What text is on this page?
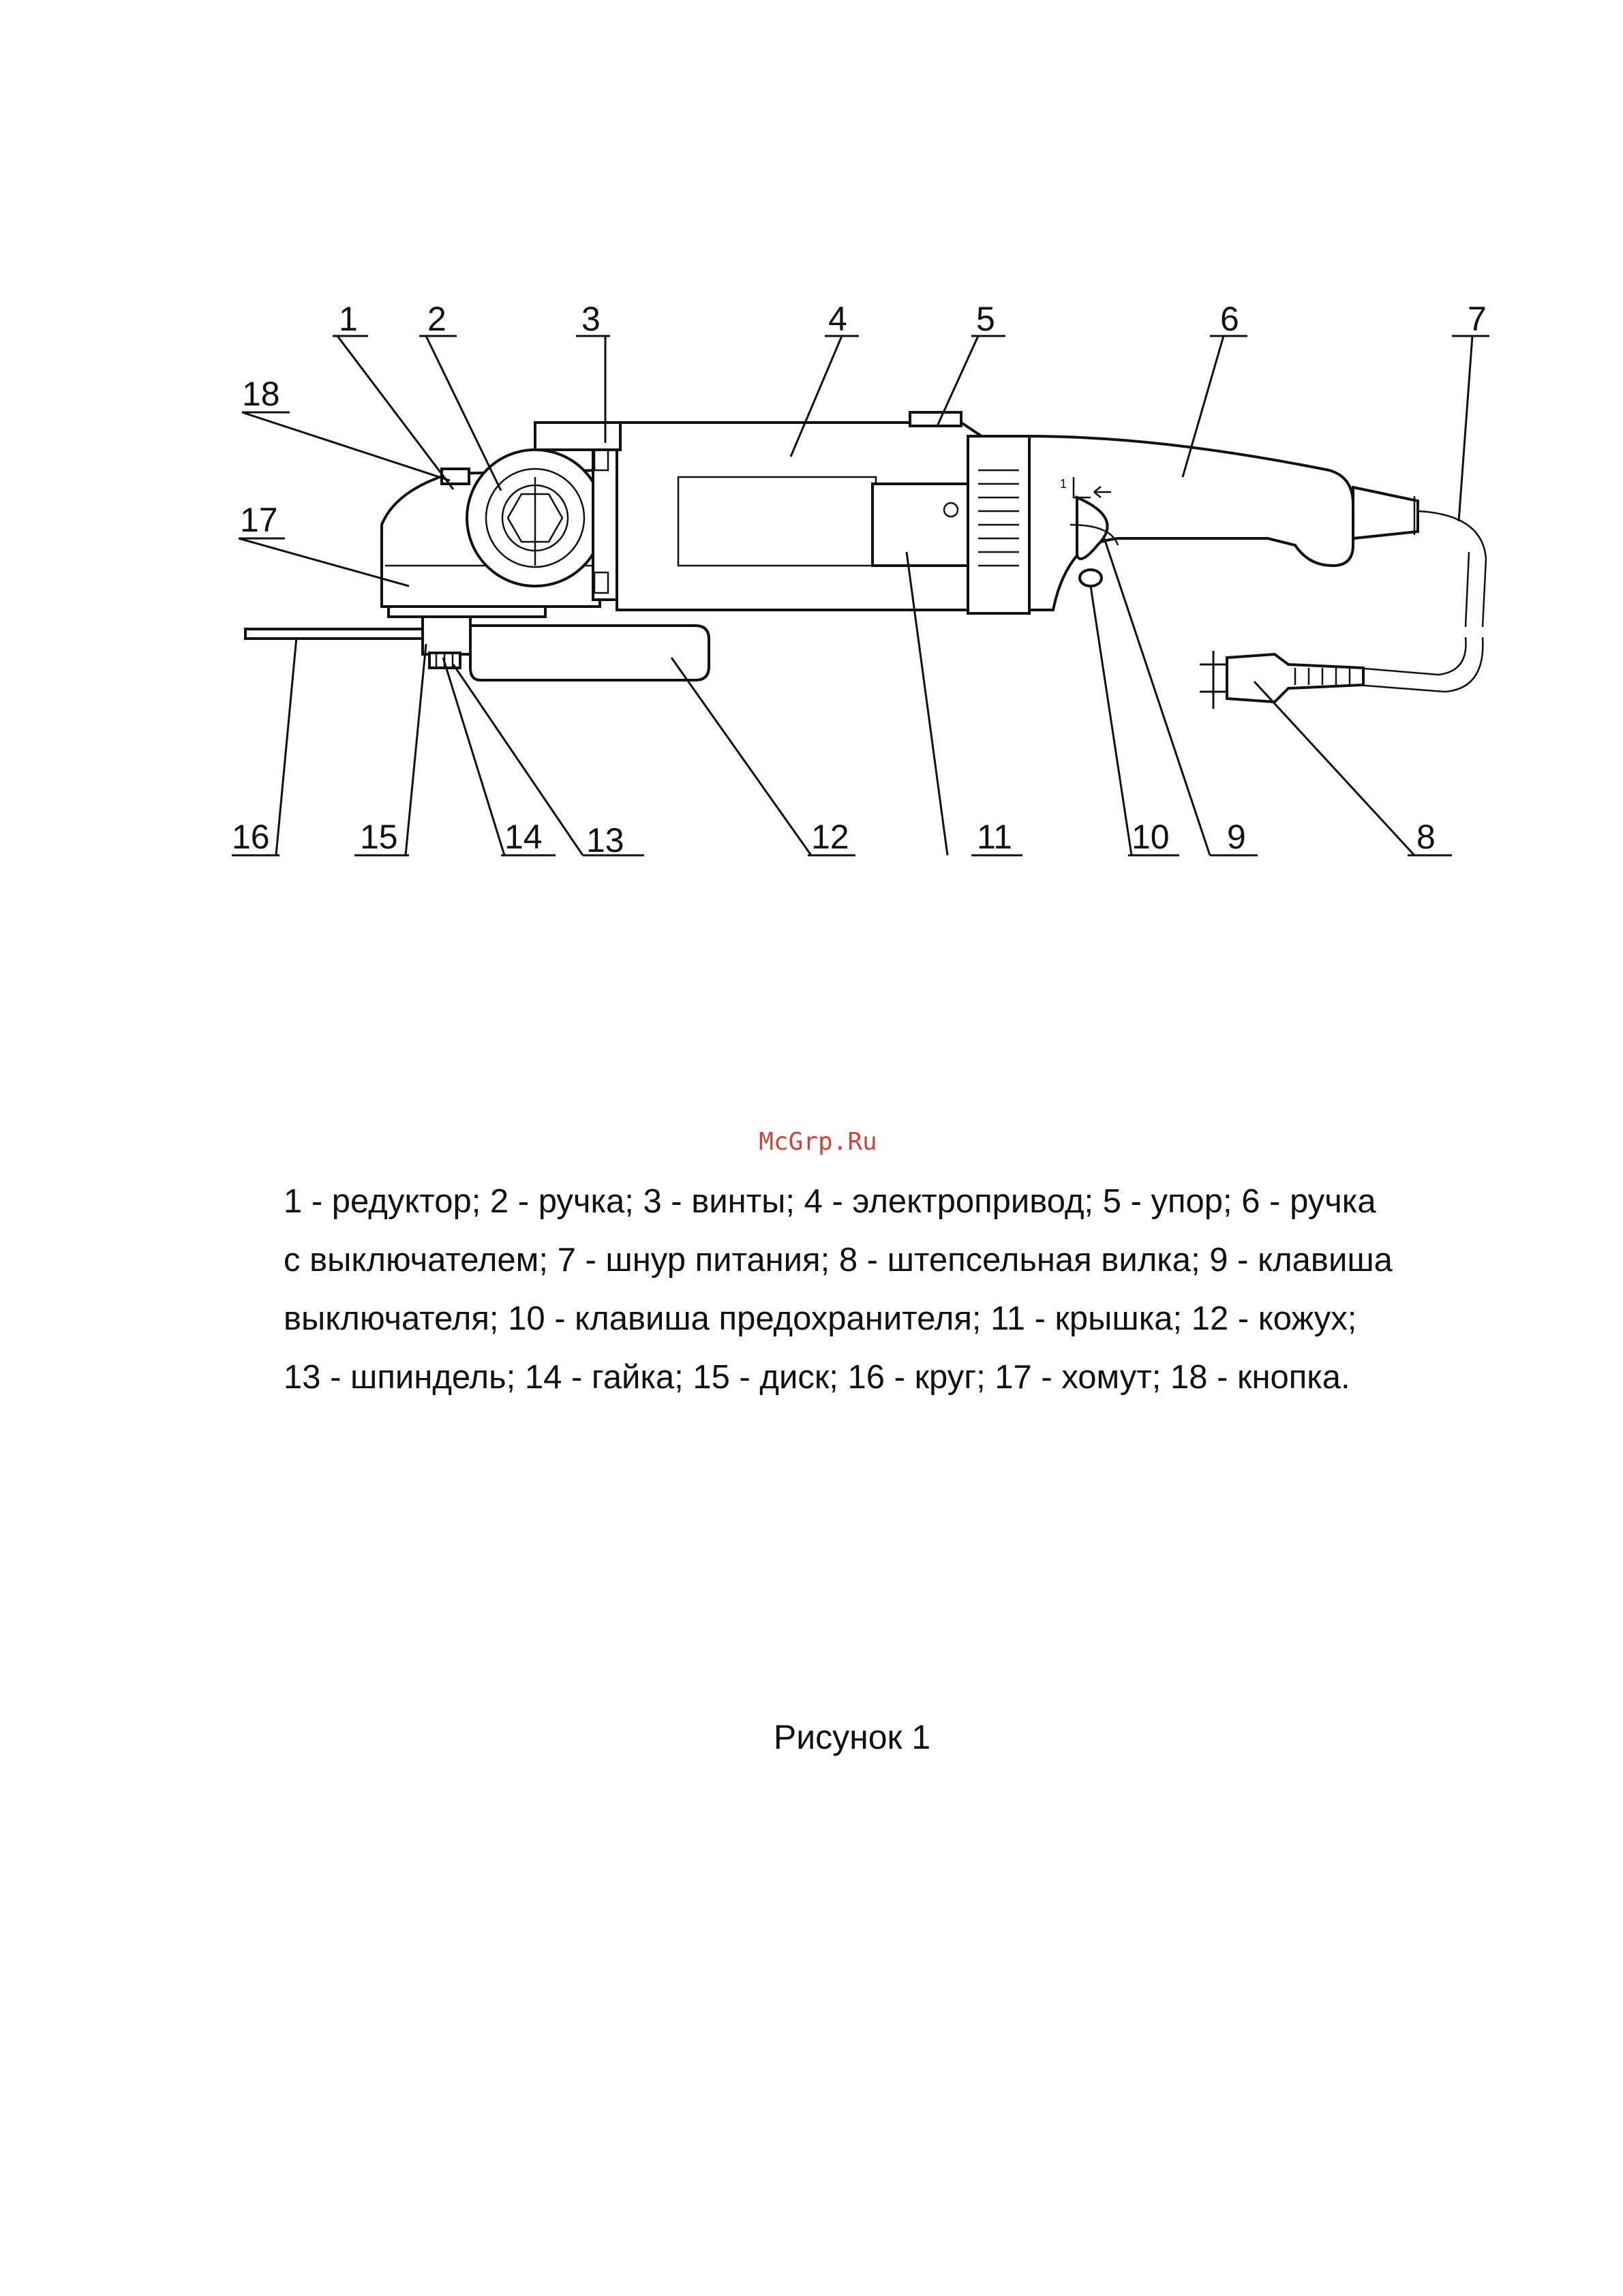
1
1 2	3	4	5	6	7
8
9
10
11
12
13
14
15
16
17
18
McGrp.Ru
1 - редуктор; 2 - ручка; 3 - винты; 4 - электропривод; 5 - упор; 6 - ручка
с выключателем; 7 - шнур питания; 8 - штепсельная вилка; 9 - клавиша
выключателя; 10 - клавиша предохранителя; 11 - крышка; 12 - кожух;
13 - шпиндель; 14 - гайка; 15 - диск; 16 - круг; 17 - хомут; 18 - кнопка.
Рисунок 1
